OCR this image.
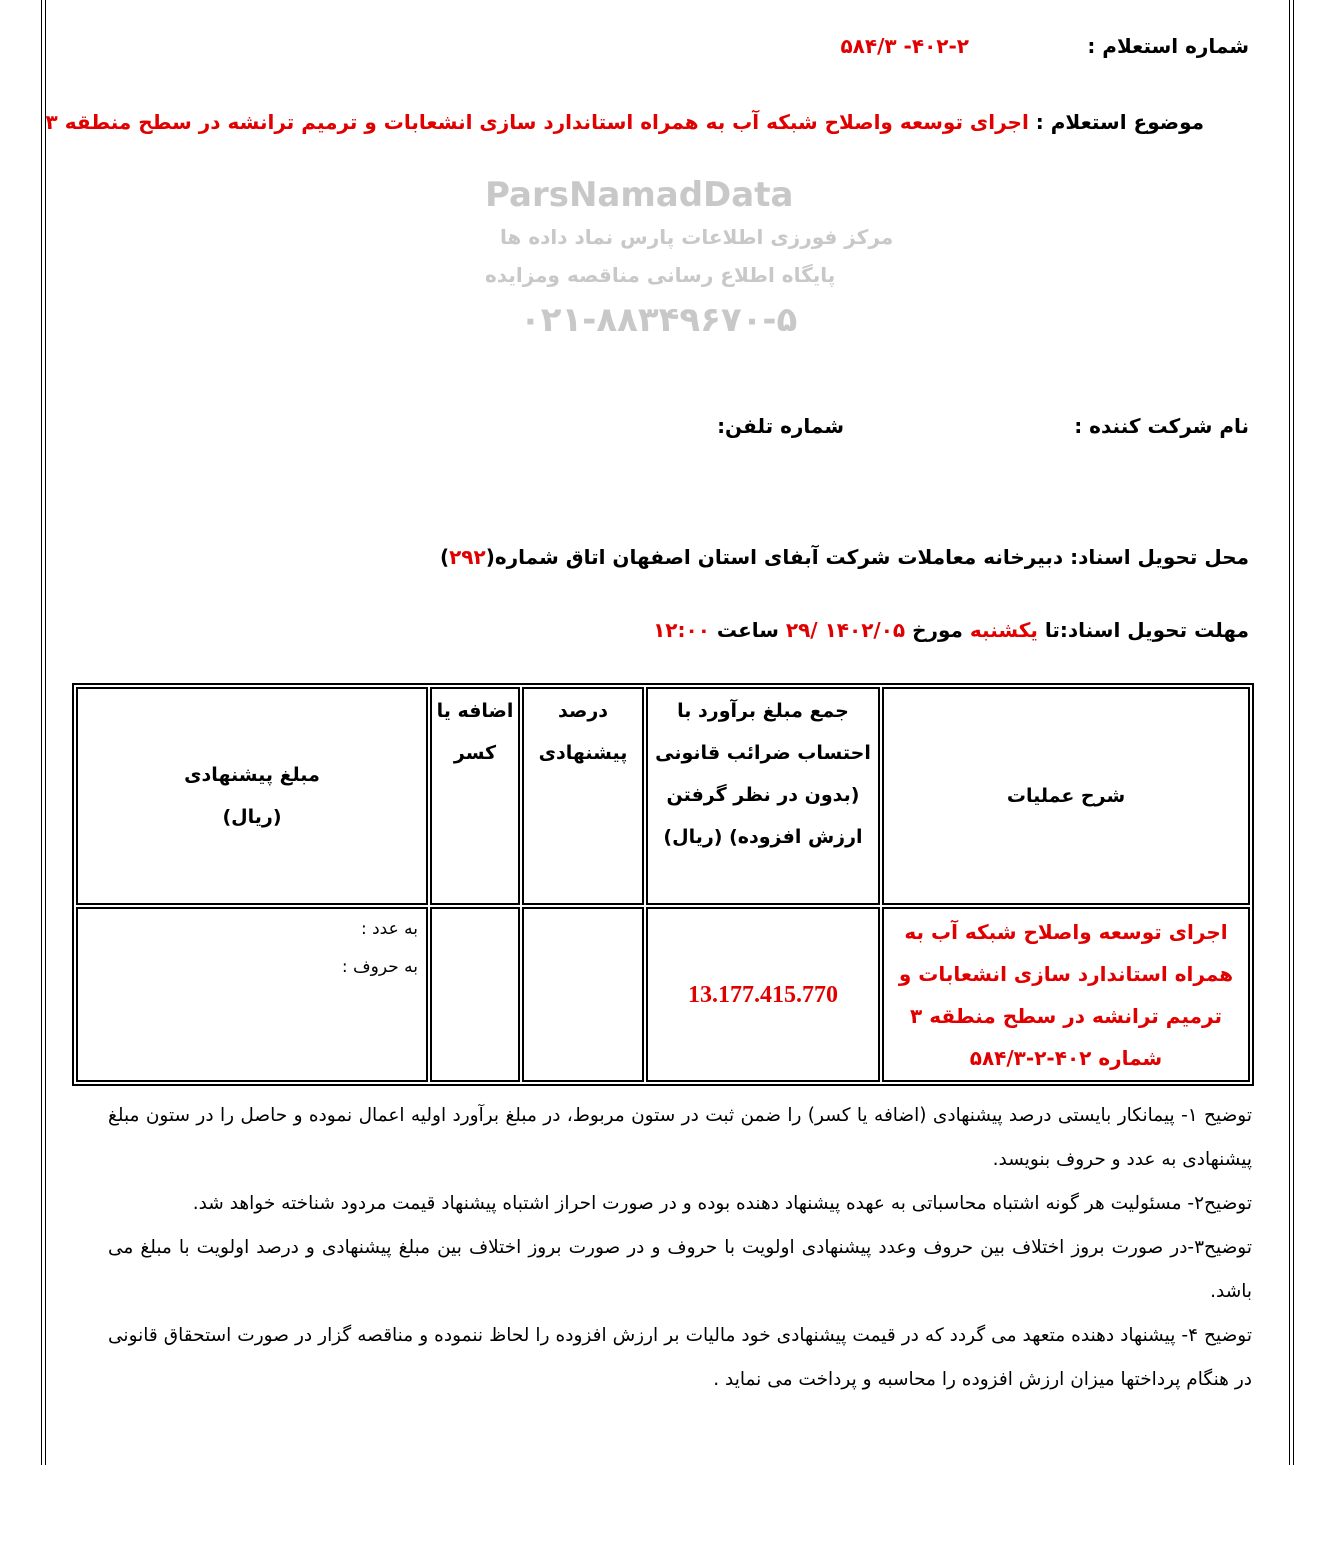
ParsNamadData
مرکز فورزی اطلاعات پارس نماد داده ها
پایگاه اطلاع رسانی مناقصه ومزایده
۰۲۱-۸۸۳۴۹۶۷۰-۵
شماره استعلام :
۴۰۲-۲- ۵۸۴/۳
موضوع استعلام : اجرای توسعه واصلاح شبکه آب به همراه استاندارد سازی انشعابات و ترمیم ترانشه در سطح منطقه ۳
نام شرکت کننده :
شماره تلفن:
محل تحویل اسناد: دبیرخانه معاملات شرکت آبفای استان اصفهان اتاق شماره(۲۹۲)
مهلت تحویل اسناد:تا یکشنبه مورخ ۱۴۰۲/۰۵ /۲۹ ساعت ۱۲:۰۰
شرح عملیات	جمع مبلغ برآورد با احتساب ضرائب قانونی (بدون در نظر گرفتن ارزش افزوده) (ریال)	درصد پیشنهادی	اضافه یا کسر	مبلغ پیشنهادی
(ریال)

اجرای توسعه واصلاح شبکه آب به همراه استاندارد سازی انشعابات و ترمیم ترانشه در سطح منطقه ۳ شماره ۴۰۲-۲-۵۸۴/۳	13.177.415.770			به عدد :
به حروف :

توضیح ۱- پیمانکار بایستی درصد پیشنهادی (اضافه یا کسر) را ضمن ثبت در ستون مربوط، در مبلغ برآورد اولیه اعمال نموده و حاصل را در ستون مبلغ پیشنهادی به عدد و حروف بنویسد.

توضیح۲- مسئولیت هر گونه اشتباه محاسباتی به عهده پیشنهاد دهنده بوده و در صورت احراز اشتباه پیشنهاد قیمت مردود شناخته خواهد شد.

توضیح۳-در صورت بروز اختلاف بین حروف وعدد پیشنهادی اولویت با حروف و در صورت بروز اختلاف بین مبلغ پیشنهادی و درصد اولویت با مبلغ می باشد.

توضیح ۴- پیشنهاد دهنده متعهد می گردد که در قیمت پیشنهادی خود مالیات بر ارزش افزوده را لحاظ ننموده و مناقصه گزار در صورت استحقاق قانونی در هنگام پرداختها میزان ارزش افزوده را محاسبه و پرداخت می نماید .
